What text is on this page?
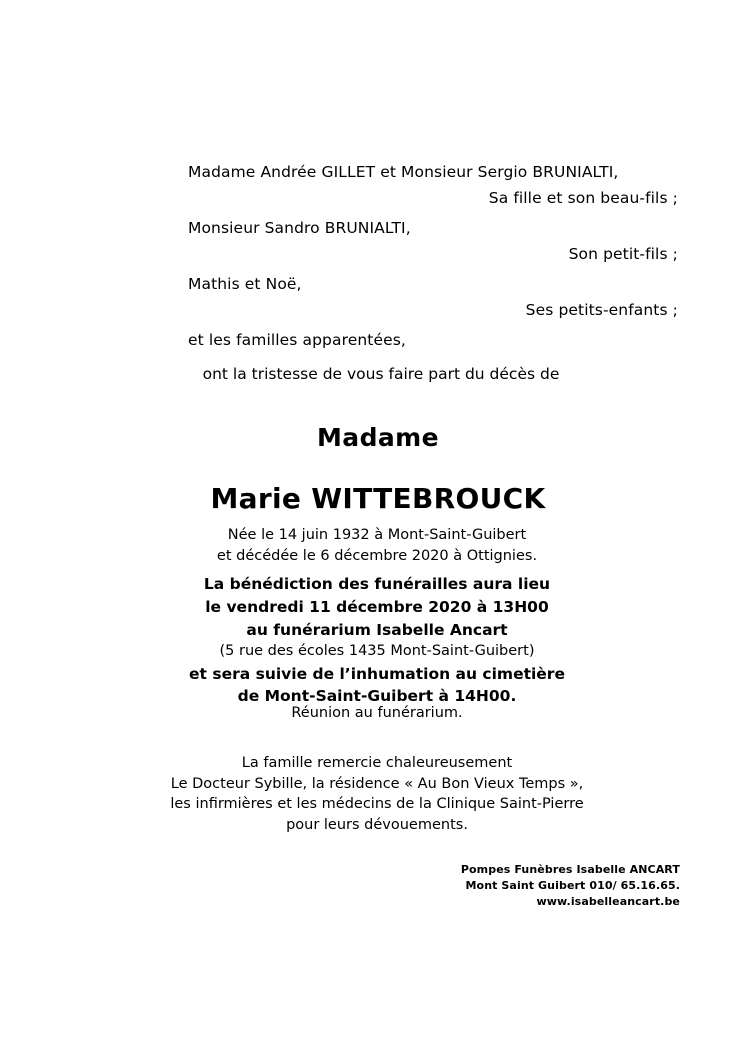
Madame Andrée GILLET et Monsieur Sergio BRUNIALTI,
Sa fille et son beau-fils ;
Monsieur Sandro BRUNIALTI,
Son petit-fils ;
Mathis et Noë,
Ses petits-enfants ;
et les familles apparentées,
ont la tristesse de vous faire part du décès de
Madame
Marie WITTEBROUCK
Née le 14 juin 1932 à Mont-Saint-Guibert
et décédée le 6 décembre 2020 à Ottignies.
La bénédiction des funérailles aura lieu
le vendredi 11 décembre 2020 à 13H00
au funérarium Isabelle Ancart
(5 rue des écoles 1435 Mont-Saint-Guibert)
et sera suivie de l’inhumation au cimetière
de Mont-Saint-Guibert à 14H00.
Réunion au funérarium.
La famille remercie chaleureusement
Le Docteur Sybille, la résidence « Au Bon Vieux Temps »,
les infirmières et les médecins de la Clinique Saint-Pierre
pour leurs dévouements.
Pompes Funèbres Isabelle ANCART
Mont Saint Guibert 010/ 65.16.65.
www.isabelleancart.be
